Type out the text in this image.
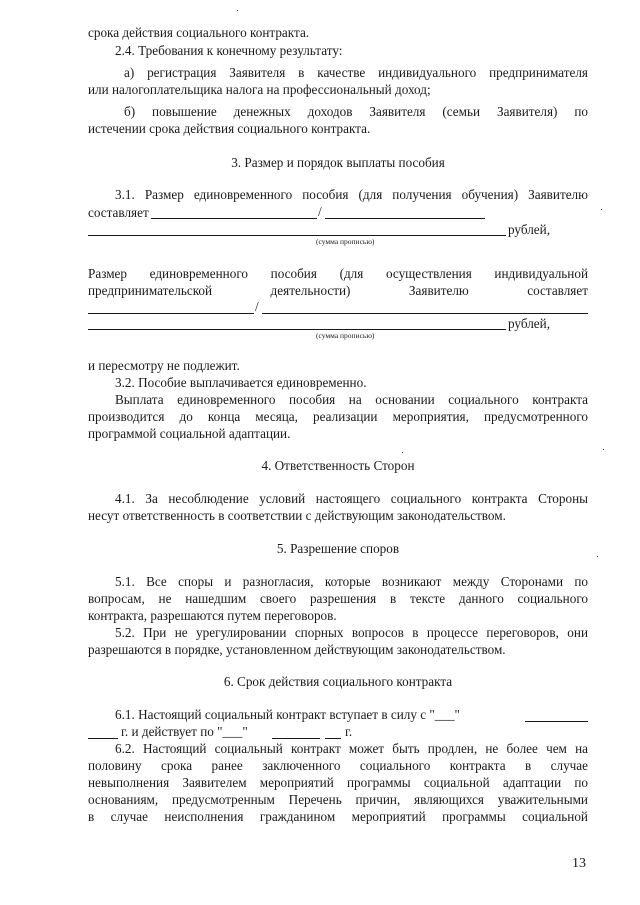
срока действия социального контракта.
2.4. Требования к конечному результату:
а) регистрация Заявителя в качестве индивидуального предпринимателя
или налогоплательщика налога на профессиональный доход;
б) повышение денежных доходов Заявителя (семьи Заявителя) по
истечении срока действия социального контракта.
3. Размер и порядок выплаты пособия
3.1. Размер единовременного пособия (для получения обучения) Заявителю
составляет	/
рублей,
(сумма прописью)
Размер единовременного пособия (для осуществления индивидуальной
предпринимательской деятельности) Заявителю составляет
/
рублей,
(сумма прописью)
и пересмотру не подлежит.
3.2. Пособие выплачивается единовременно.
Выплата единовременного пособия на основании социального контракта
производится до конца месяца, реализации мероприятия, предусмотренного
программой социальной адаптации.
4. Ответственность Сторон
4.1. За несоблюдение условий настоящего социального контракта Стороны
несут ответственность в соответствии с действующим законодательством.
5. Разрешение споров
5.1. Все споры и разногласия, которые возникают между Сторонами по
вопросам, не нашедшим своего разрешения в тексте данного социального
контракта, разрешаются путем переговоров.
5.2. При не урегулировании спорных вопросов в процессе переговоров, они
разрешаются в порядке, установленном действующим законодательством.
6. Срок действия социального контракта
6.1. Настоящий социальный контракт вступает в силу с "___"
г. и действует по "___"	г.
6.2. Настоящий социальный контракт может быть продлен, не более чем на
половину срока ранее заключенного социального контракта в случае
невыполнения Заявителем мероприятий программы социальной адаптации по
основаниям, предусмотренным Перечень причин, являющихся уважительными
в случае неисполнения гражданином мероприятий программы социальной
13
